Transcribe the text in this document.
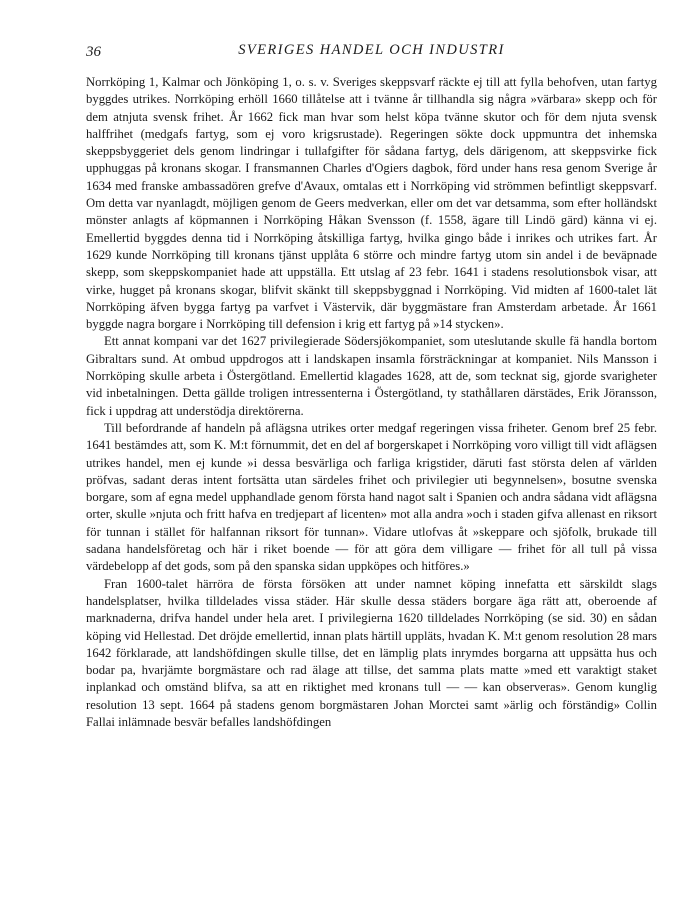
36	SVERIGES HANDEL OCH INDUSTRI

Norrköping 1, Kalmar och Jönköping 1, o. s. v. Sveriges skeppsvarf räckte ej till att fylla behofven, utan fartyg byggdes utrikes. Norrköping erhöll 1660 tillåtelse att i tvänne år tillhandla sig några »värbara» skepp och för dem atnjuta svensk frihet. År 1662 fick man hvar som helst köpa tvänne skutor och för dem njuta svensk halffrihet (medgafs fartyg, som ej voro krigsrustade). Regeringen sökte dock uppmuntra det inhemska skeppsbyggeriet dels genom lindringar i tullafgifter för sådana fartyg, dels därigenom, att skeppsvirke fick upphuggas på kronans skogar. I fransmannen Charles d'Ogiers dagbok, förd under hans resa genom Sverige år 1634 med franske ambassadören grefve d'Avaux, omtalas ett i Norrköping vid strömmen befintligt skeppsvarf. Om detta var nyanlagdt, möjligen genom de Geers medverkan, eller om det var detsamma, som efter holländskt mönster anlagts af köpmannen i Norrköping Håkan Svensson (f. 1558, ägare till Lindö gärd) känna vi ej. Emellertid byggdes denna tid i Norrköping åtskilliga fartyg, hvilka gingo både i inrikes och utrikes fart. År 1629 kunde Norrköping till kronans tjänst upplåta 6 större och mindre fartyg utom sin andel i de beväpnade skepp, som skeppskompaniet hade att uppställa. Ett utslag af 23 febr. 1641 i stadens resolutionsbok visar, att virke, hugget på kronans skogar, blifvit skänkt till skeppsbyggnad i Norrköping. Vid midten af 1600-talet lät Norrköping äfven bygga fartyg pa varfvet i Västervik, där byggmästare fran Amsterdam arbetade. År 1661 byggde nagra borgare i Norrköping till defension i krig ett fartyg på »14 stycken».

Ett annat kompani var det 1627 privilegierade Södersjökompaniet, som uteslutande skulle fä handla bortom Gibraltars sund. At ombud uppdrogos att i landskapen insamla försträckningar at kompaniet. Nils Mansson i Norrköping skulle arbeta i Östergötland. Emellertid klagades 1628, att de, som tecknat sig, gjorde svarigheter vid inbetalningen. Detta gällde troligen intressenterna i Östergötland, ty stathållaren därstädes, Erik Jöransson, fick i uppdrag att understödja direktörerna.

Till befordrande af handeln på aflägsna utrikes orter medgaf regeringen vissa friheter. Genom bref 25 febr. 1641 bestämdes att, som K. M:t förnummit, det en del af borgerskapet i Norrköping voro villigt till vidt aflägsen utrikes handel, men ej kunde »i dessa besvärliga och farliga krigstider, däruti fast största delen af världen pröfvas, sadant deras intent fortsätta utan särdeles frihet och privilegier uti begynnelsen», bosutne svenska borgare, som af egna medel upphandlade genom första hand nagot salt i Spanien och andra sådana vidt aflägsna orter, skulle »njuta och fritt hafva en tredjepart af licenten» mot alla andra »och i staden gifva allenast en riksort för tunnan i stället för halfannan riksort för tunnan». Vidare utlofvas åt »skeppare och sjöfolk, brukade till sadana handelsföretag och här i riket boende — för att göra dem villigare — frihet för all tull på vissa värdebelopp af det gods, som på den spanska sidan uppköpes och hitföres.»

Fran 1600-talet härröra de första försöken att under namnet köping innefatta ett särskildt slags handelsplatser, hvilka tilldelades vissa städer. Här skulle dessa städers borgare äga rätt att, oberoende af marknaderna, drifva handel under hela aret. I privilegierna 1620 tilldelades Norrköping (se sid. 30) en sådan köping vid Hellestad. Det dröjde emellertid, innan plats härtill uppläts, hvadan K. M:t genom resolution 28 mars 1642 förklarade, att landshöfdingen skulle tillse, det en lämplig plats inrymdes borgarna att uppsätta hus och bodar pa, hvarjämte borgmästare och rad älage att tillse, det samma plats matte »med ett varaktigt staket inplankad och omständ blifva, sa att en riktighet med kronans tull — — kan observeras». Genom kunglig resolution 13 sept. 1664 på stadens genom borgmästaren Johan Morctei samt »ärlig och förständig» Collin Fallai inlämnade besvär befalles landshöfdingen
